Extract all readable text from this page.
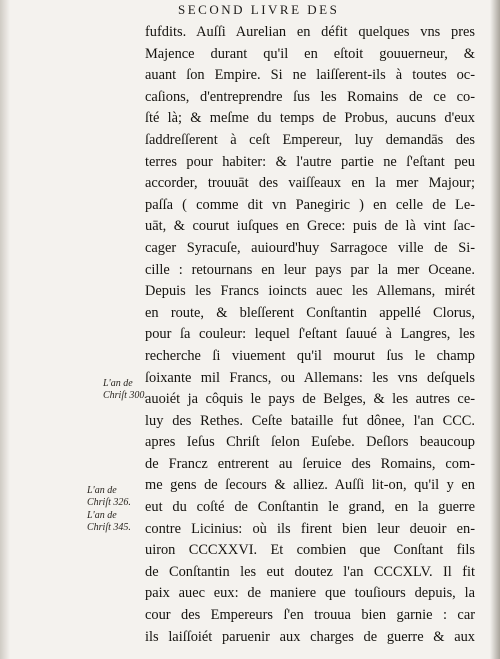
SECOND LIVRE DES
fufdits. Auſſi Aurelian en défit quelques vns pres
Majence durant qu'il en eſtoit gouuerneur, &
auant ſon Empire. Si ne laiſſerent-ils à toutes oc-
caſions, d'entreprendre ſus les Romains de ce co-
ſté là; & meſme du temps de Probus, aucuns d'eux
ſaddreſſerent à ceſt Empereur, luy demandās des
terres pour habiter: & l'autre partie ne ſ'eſtant peu
accorder, trouuāt des vaiſſeaux en la mer Majour;
paſſa ( comme dit vn Panegiric ) en celle de Le-
uāt, & courut iuſques en Grece: puis de là vint ſac-
cager Syracuſe, auiourd'huy Sarragoce ville de Si-
cille : retournans en leur pays par la mer Oceane.
Depuis les Francs ioincts auec les Allemans, mirét
en route, & bleſſerent Conſtantin appellé Clorus,
pour ſa couleur: lequel ſ'eſtant ſauué à Langres, les
recherche ſi viuement qu'il mourut ſus le champ
ſoixante mil Francs, ou Allemans: les vns deſquels
auoiét ja côquis le pays de Belges, & les autres ce-
luy des Rethes. Ceſte bataille fut dônee, l'an CCC.
apres Ieſus Chriſt ſelon Euſebe. Deſlors beaucoup
de Francz entrerent au ſeruice des Romains, com-
me gens de ſecours & alliez. Auſſi lit-on, qu'il y en
eut du coſté de Conſtantin le grand, en la guerre
contre Licinius: où ils firent bien leur deuoir en-
uiron CCCXXVI. Et combien que Conſtant fils
de Conſtantin les eut doutez l'an CCCXLV. Il fit
paix auec eux: de maniere que touſiours depuis, la
cour des Empereurs ſ'en trouua bien garnie : car
ils laiſſoiét paruenir aux charges de guerre & aux
L'an de
Chriſt 300.
L'an de
Chriſt 326.
L'an de
Chriſt 345.
